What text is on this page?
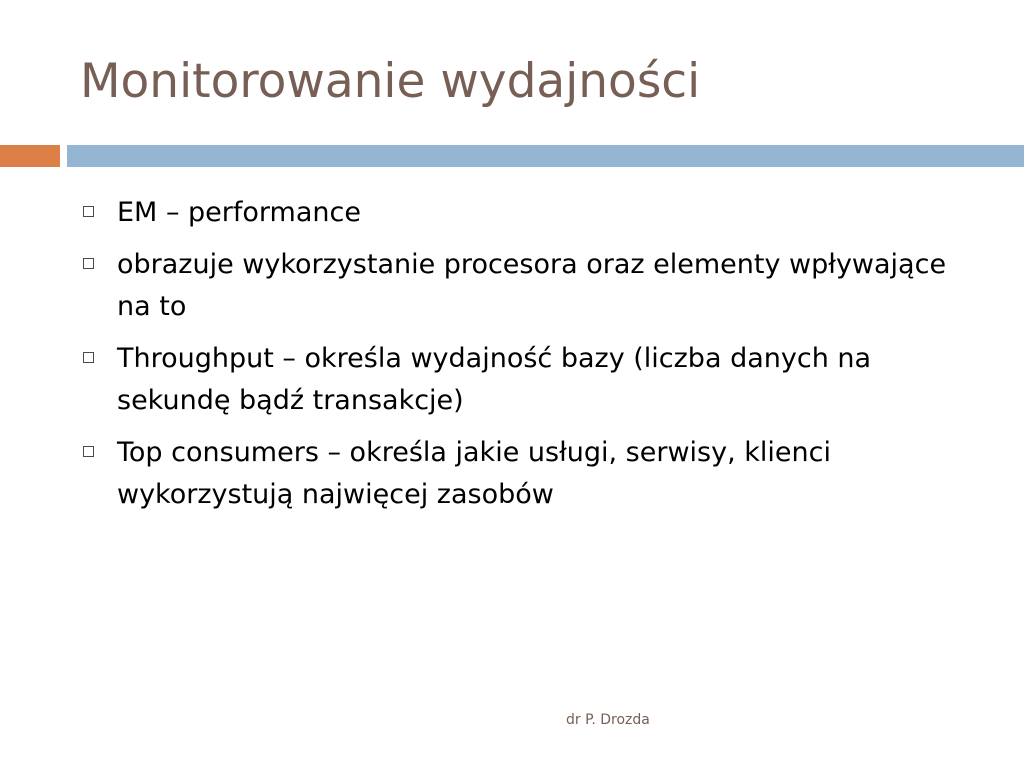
Monitorowanie wydajności
EM – performance
obrazuje wykorzystanie procesora oraz elementy wpływające na to
Throughput – określa wydajność bazy (liczba danych na sekundę bądź transakcje)
Top consumers – określa jakie usługi, serwisy, klienci wykorzystują najwięcej zasobów
dr P. Drozda
